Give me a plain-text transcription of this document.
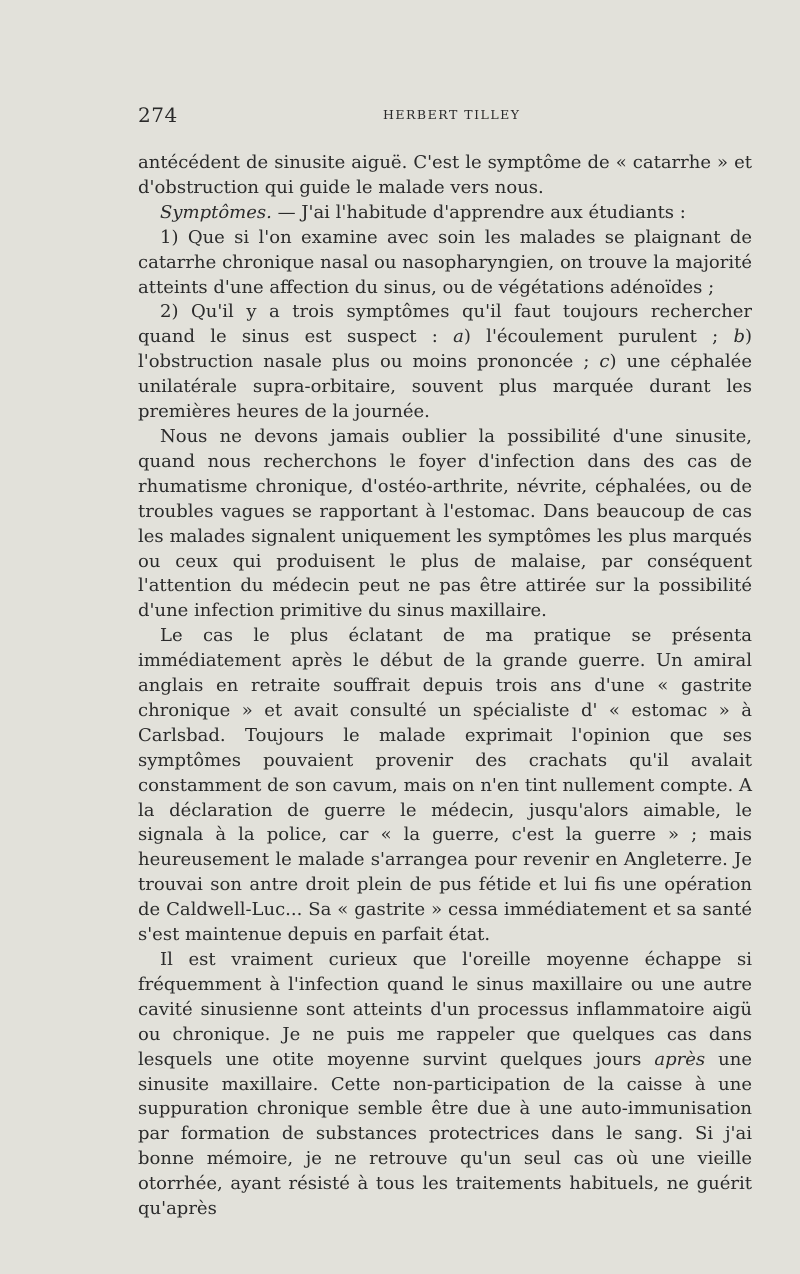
274	HERBERT TILLEY

antécédent de sinusite aiguë. C'est le symptôme de « catarrhe » et d'obstruction qui guide le malade vers nous.

Symptômes. — J'ai l'habitude d'apprendre aux étudiants :

1) Que si l'on examine avec soin les malades se plaignant de catarrhe chronique nasal ou nasopharyngien, on trouve la majorité atteints d'une affection du sinus, ou de végétations adénoïdes ;

2) Qu'il y a trois symptômes qu'il faut toujours rechercher quand le sinus est suspect : a) l'écoulement purulent ; b) l'obstruction nasale plus ou moins prononcée ; c) une céphalée unilatérale supra-orbitaire, souvent plus marquée durant les premières heures de la journée.

Nous ne devons jamais oublier la possibilité d'une sinusite, quand nous recherchons le foyer d'infection dans des cas de rhumatisme chronique, d'ostéo-arthrite, névrite, céphalées, ou de troubles vagues se rapportant à l'estomac. Dans beaucoup de cas les malades signalent uniquement les symptômes les plus marqués ou ceux qui produisent le plus de malaise, par conséquent l'attention du médecin peut ne pas être attirée sur la possibilité d'une infection primitive du sinus maxillaire.

Le cas le plus éclatant de ma pratique se présenta immédiatement après le début de la grande guerre. Un amiral anglais en retraite souffrait depuis trois ans d'une « gastrite chronique » et avait consulté un spécialiste d' « estomac » à Carlsbad. Toujours le malade exprimait l'opinion que ses symptômes pouvaient provenir des crachats qu'il avalait constamment de son cavum, mais on n'en tint nullement compte. A la déclaration de guerre le médecin, jusqu'alors aimable, le signala à la police, car « la guerre, c'est la guerre » ; mais heureusement le malade s'arrangea pour revenir en Angleterre. Je trouvai son antre droit plein de pus fétide et lui fis une opération de Caldwell-Luc... Sa « gastrite » cessa immédiatement et sa santé s'est maintenue depuis en parfait état.

Il est vraiment curieux que l'oreille moyenne échappe si fréquemment à l'infection quand le sinus maxillaire ou une autre cavité sinusienne sont atteints d'un processus inflammatoire aigü ou chronique. Je ne puis me rappeler que quelques cas dans lesquels une otite moyenne survint quelques jours après une sinusite maxillaire. Cette non-participation de la caisse à une suppuration chronique semble être due à une auto-immunisation par formation de substances protectrices dans le sang. Si j'ai bonne mémoire, je ne retrouve qu'un seul cas où une vieille otorrhée, ayant résisté à tous les traitements habituels, ne guérit qu'après
